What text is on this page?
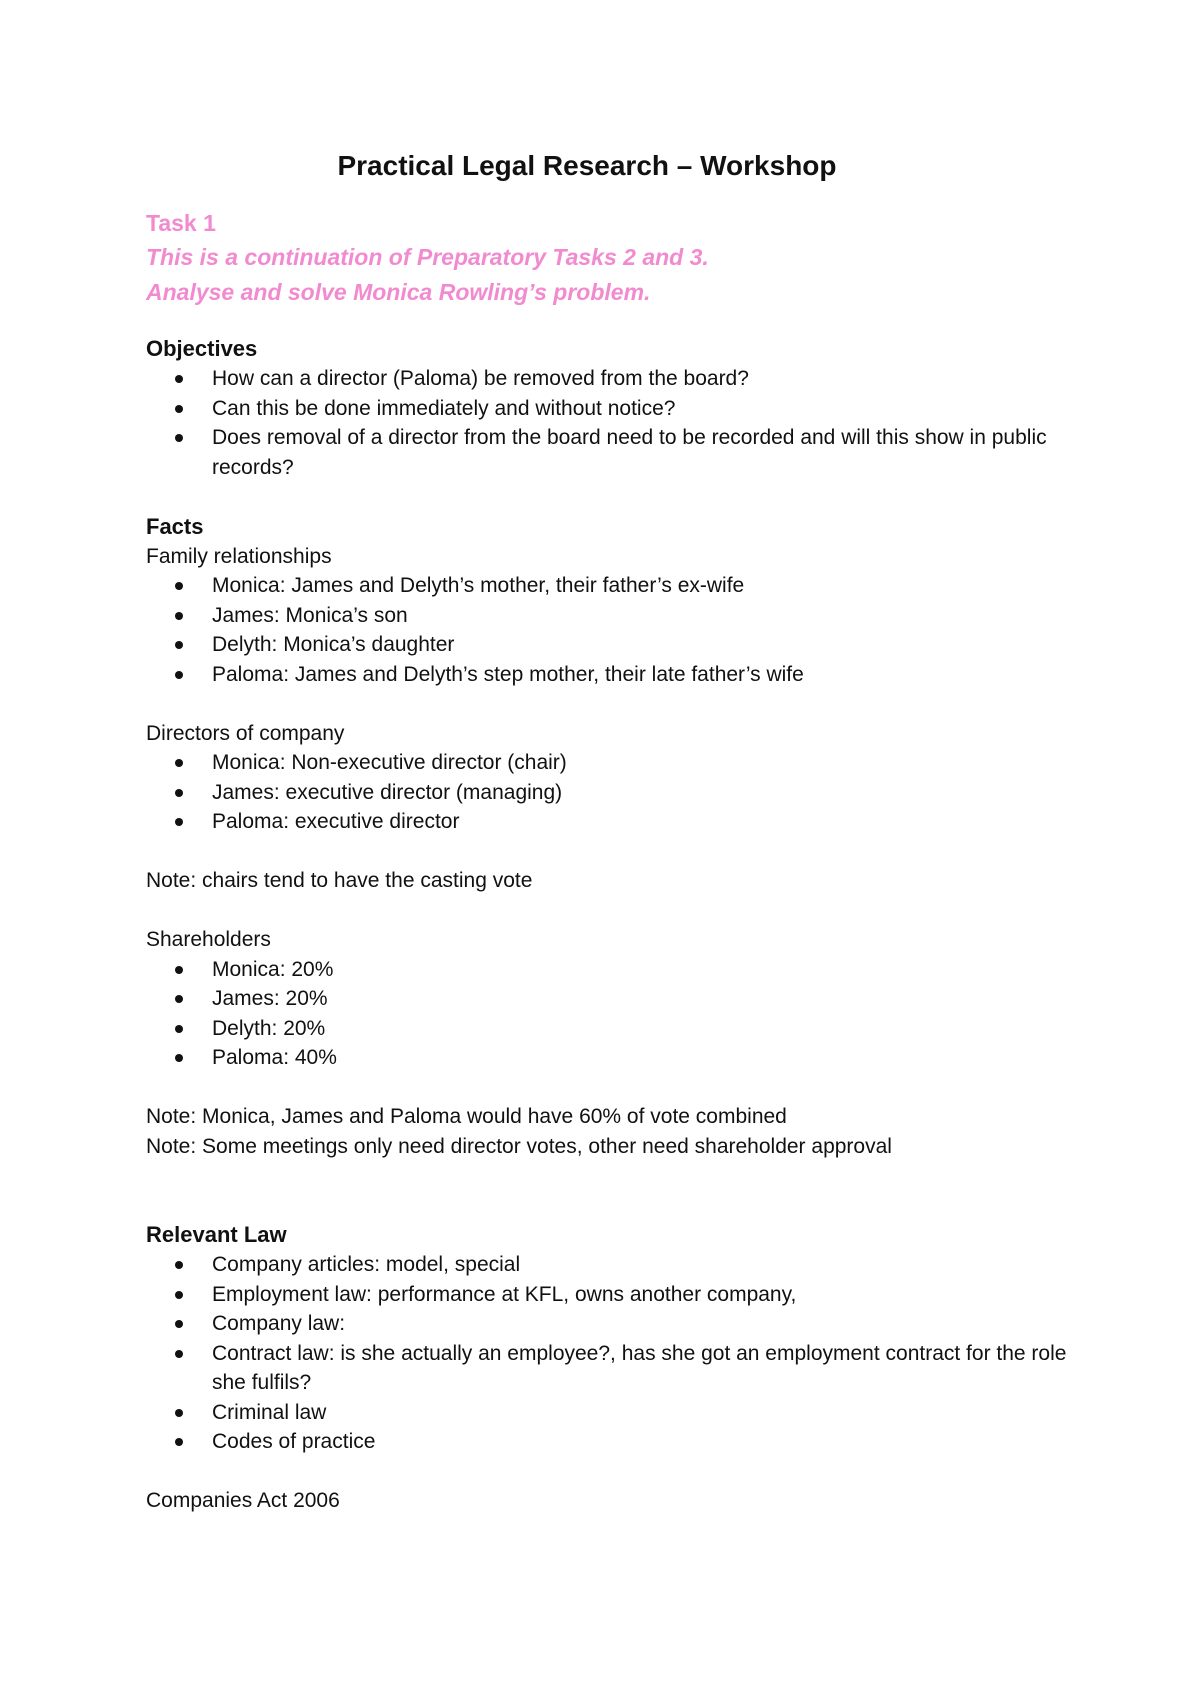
Practical Legal Research – Workshop
Task 1
This is a continuation of Preparatory Tasks 2 and 3.
Analyse and solve Monica Rowling’s problem.
Objectives
How can a director (Paloma) be removed from the board?
Can this be done immediately and without notice?
Does removal of a director from the board need to be recorded and will this show in public records?
Facts
Family relationships
Monica: James and Delyth’s mother, their father’s ex-wife
James: Monica’s son
Delyth: Monica’s daughter
Paloma: James and Delyth’s step mother, their late father’s wife
Directors of company
Monica: Non-executive director (chair)
James: executive director (managing)
Paloma: executive director
Note: chairs tend to have the casting vote
Shareholders
Monica: 20%
James: 20%
Delyth: 20%
Paloma: 40%
Note: Monica, James and Paloma would have 60% of vote combined
Note: Some meetings only need director votes, other need shareholder approval
Relevant Law
Company articles: model, special
Employment law: performance at KFL, owns another company,
Company law:
Contract law: is she actually an employee?, has she got an employment contract for the role she fulfils?
Criminal law
Codes of practice
Companies Act 2006
